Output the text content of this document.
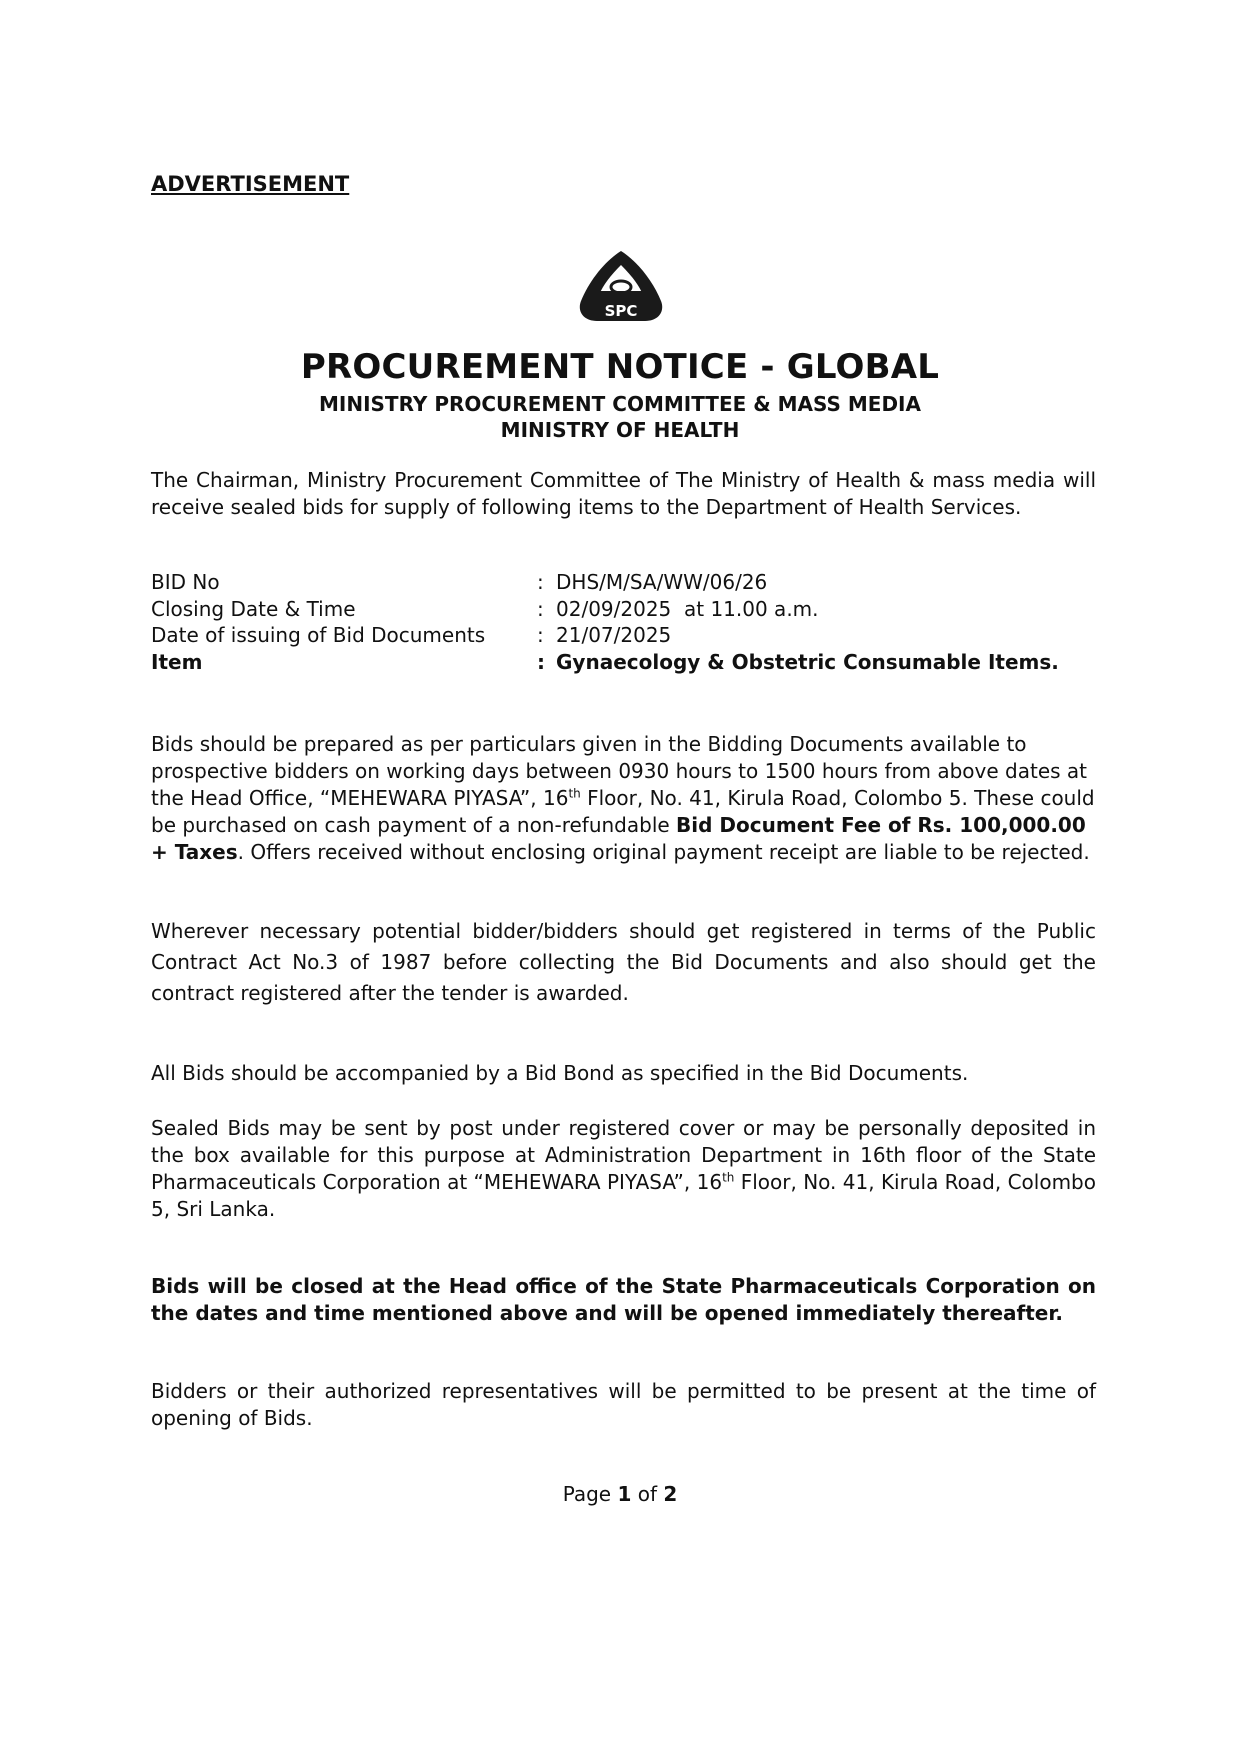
ADVERTISEMENT

SPC
PROCUREMENT NOTICE - GLOBAL
MINISTRY PROCUREMENT COMMITTEE & MASS MEDIA
MINISTRY OF HEALTH

The Chairman, Ministry Procurement Committee of The Ministry of Health & mass media will receive sealed bids for supply of following items to the Department of Health Services.

BID No	: DHS/M/SA/WW/06/26
Closing Date & Time	: 02/09/2025  at 11.00 a.m.
Date of issuing of Bid Documents	: 21/07/2025
Item	: Gynaecology & Obstetric Consumable Items.

Bids should be prepared as per particulars given in the Bidding Documents available to prospective bidders on working days between 0930 hours to 1500 hours from above dates at the Head Office, “MEHEWARA PIYASA”, 16th Floor, No. 41, Kirula Road, Colombo 5. These could be purchased on cash payment of a non-refundable Bid Document Fee of Rs. 100,000.00 + Taxes. Offers received without enclosing original payment receipt are liable to be rejected.

Wherever necessary potential bidder/bidders should get registered in terms of the Public Contract Act No.3 of 1987 before collecting the Bid Documents and also should get the contract registered after the tender is awarded.

All Bids should be accompanied by a Bid Bond as specified in the Bid Documents.

Sealed Bids may be sent by post under registered cover or may be personally deposited in the box available for this purpose at Administration Department in 16th floor of the State Pharmaceuticals Corporation at “MEHEWARA PIYASA”, 16th Floor, No. 41, Kirula Road, Colombo 5, Sri Lanka.

Bids will be closed at the Head office of the State Pharmaceuticals Corporation on the dates and time mentioned above and will be opened immediately thereafter.

Bidders or their authorized representatives will be permitted to be present at the time of opening of Bids.

Page 1 of 2
